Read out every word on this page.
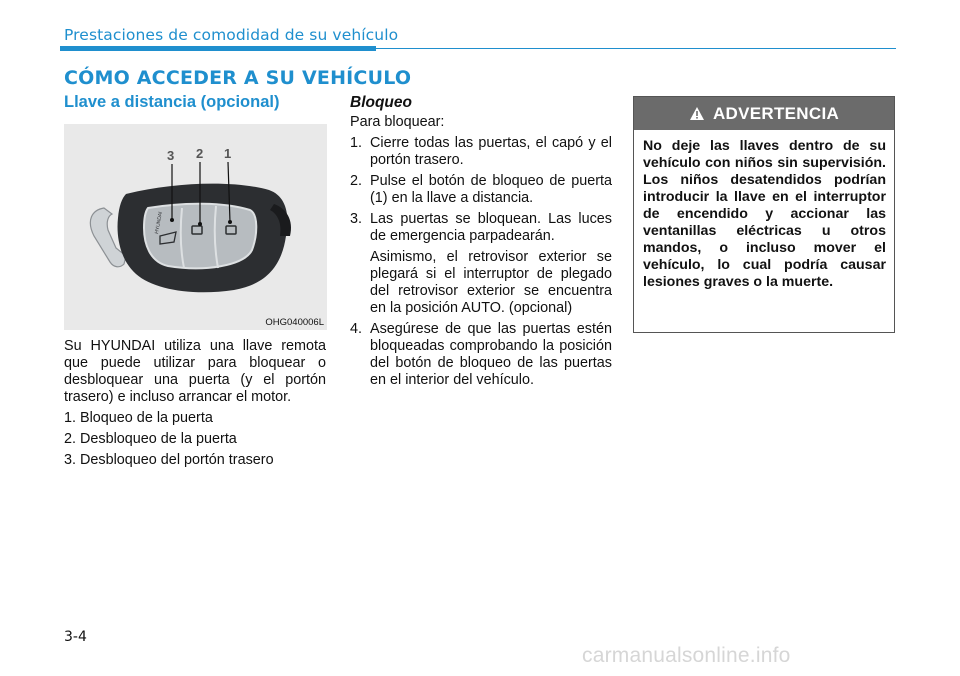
Prestaciones de comodidad de su vehículo
CÓMO ACCEDER A SU VEHÍCULO
Llave a distancia (opcional)
HYUNDAI
3 2 1
OHG040006L

Su HYUNDAI utiliza una llave remota que puede utilizar para bloquear o desbloquear una puerta (y el portón trasero) e incluso arrancar el motor.

1. Bloqueo de la puerta
2. Desbloqueo de la puerta
3. Desbloqueo del portón trasero
Bloqueo

Para bloquear:

1. Cierre todas las puertas, el capó y el portón trasero.
2. Pulse el botón de bloqueo de puerta (1) en la llave a distancia.
3. Las puertas se bloquean. Las luces de emergencia parpadearán.
Asimismo, el retrovisor exterior se plegará si el interruptor de plegado del retrovisor exterior se encuentra en la posición AUTO. (opcional)
4. Asegúrese de que las puertas estén bloqueadas comprobando la posición del botón de bloqueo de las puertas en el interior del vehículo.
ADVERTENCIA
No deje las llaves dentro de su vehículo con niños sin supervisión. Los niños desatendidos podrían introducir la llave en el interruptor de encendido y accionar las ventanillas eléctricas u otros mandos, o incluso mover el vehículo, lo cual podría causar lesiones graves o la muerte.
3-4
carmanualsonline.info
